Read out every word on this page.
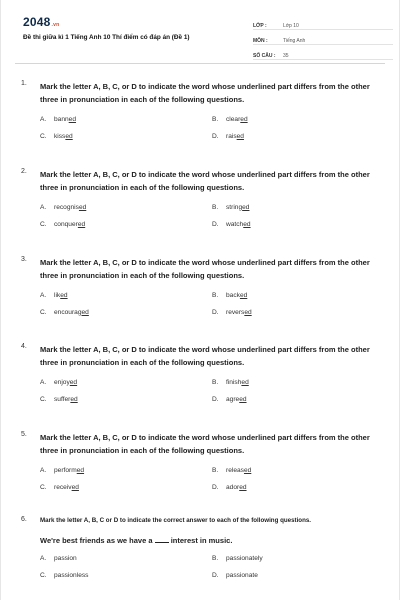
2048.vn
Đề thi giữa kì 1 Tiếng Anh 10 Thí điểm có đáp án (Đề 1)
LỚP :	Lớp 10
MÔN :	Tiếng Anh
SỐ CÂU :	35
1. Mark the letter A, B, C, or D to indicate the word whose underlined part differs from the other three in pronunciation in each of the following questions.
A.	banned	B.	cleared
C.	kissed	D.	raised
2. Mark the letter A, B, C, or D to indicate the word whose underlined part differs from the other three in pronunciation in each of the following questions.
A.	recognised	B.	stringed
C.	conquered	D.	watched
3. Mark the letter A, B, C, or D to indicate the word whose underlined part differs from the other three in pronunciation in each of the following questions.
A.	liked	B.	backed
C.	encouraged	D.	reversed
4. Mark the letter A, B, C, or D to indicate the word whose underlined part differs from the other three in pronunciation in each of the following questions.
A.	enjoyed	B.	finished
C.	suffered	D.	agreed
5. Mark the letter A, B, C, or D to indicate the word whose underlined part differs from the other three in pronunciation in each of the following questions.
A.	performed	B.	released
C.	received	D.	adored
6. Mark the letter A, B, C or D to indicate the correct answer to each of the following questions.
We're best friends as we have a interest in music.
A.	passion	B.	passionately
C.	passionless	D.	passionate
